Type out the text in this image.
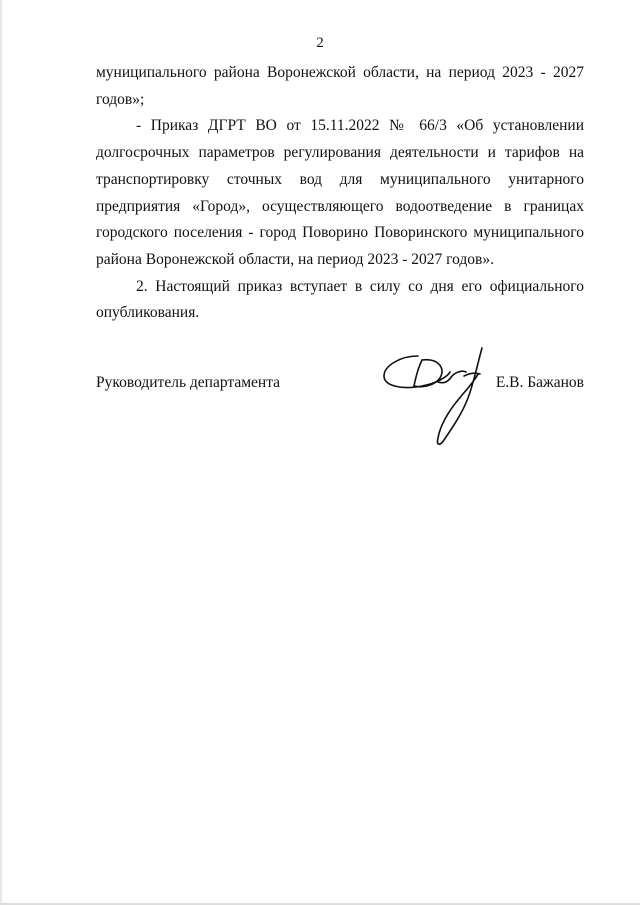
2

муниципального района Воронежской области, на период 2023 - 2027

годов»;

- Приказ ДГРТ ВО от 15.11.2022 № 66/3 «Об установлении долгосрочных параметров регулирования деятельности и тарифов на транспортировку сточных вод для муниципального унитарного предприятия «Город», осуществляющего водоотведение в границах городского поселения - город Поворино Поворинского муниципального района Воронежской области, на период 2023 - 2027 годов».

2. Настоящий приказ вступает в силу со дня его официального опубликования.

Руководитель департамента	Е.В. Бажанов
